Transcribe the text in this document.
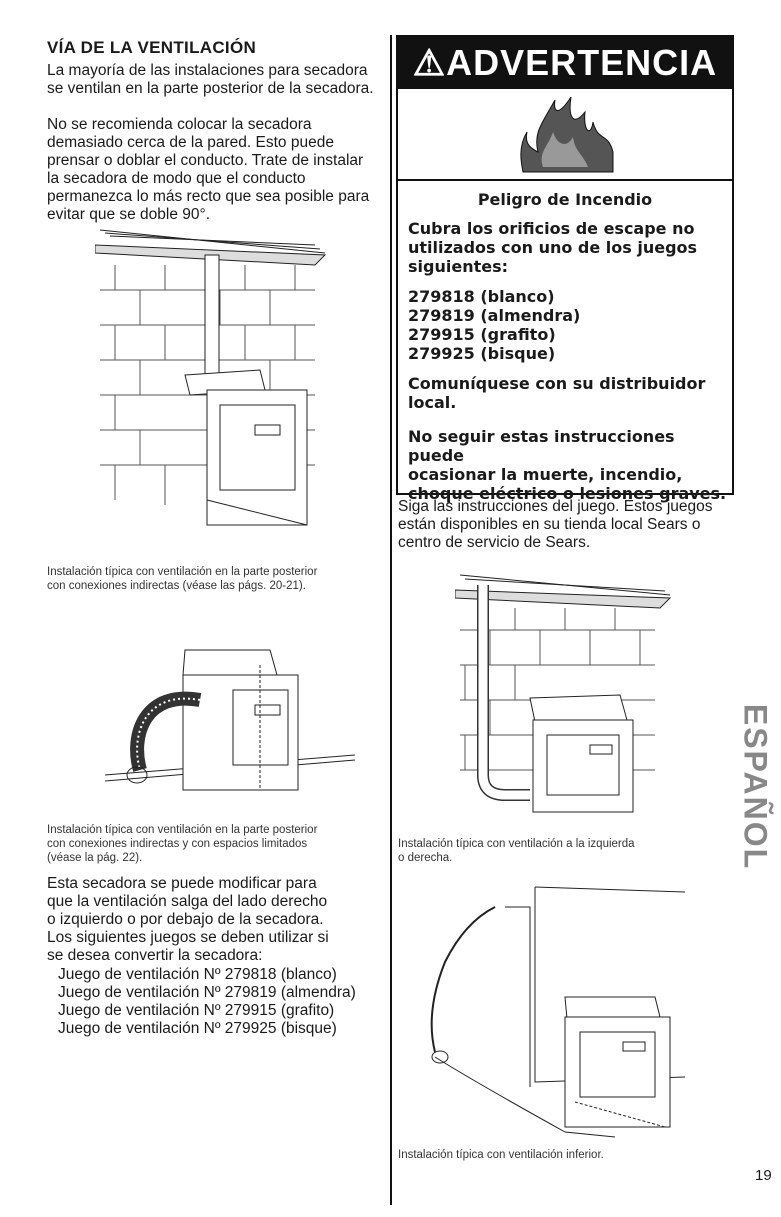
VÍA DE LA VENTILACIÓN
La mayoría de las instalaciones para secadora
se ventilan en la parte posterior de la secadora.
No se recomienda colocar la secadora
demasiado cerca de la pared. Esto puede
prensar o doblar el conducto. Trate de instalar
la secadora de modo que el conducto
permanezca lo más recto que sea posible para
evitar que se doble 90°.
Instalación típica con ventilación en la parte posterior
con conexiones indirectas (véase las págs. 20-21).
Instalación típica con ventilación en la parte posterior
con conexiones indirectas y con espacios limitados
(véase la pág. 22).
Esta secadora se puede modificar para
que la ventilación salga del lado derecho
o izquierdo o por debajo de la secadora.
Los siguientes juegos se deben utilizar si
se desea convertir la secadora:
Juego de ventilación Nº 279818 (blanco)
Juego de ventilación Nº 279819 (almendra)
Juego de ventilación Nº 279915 (grafito)
Juego de ventilación Nº 279925 (bisque)
⚠ADVERTENCIA
Peligro de Incendio
Cubra los orificios de escape no
utilizados con uno de los juegos
siguientes:
279818 (blanco)
279819 (almendra)
279915 (grafito)
279925 (bisque)
Comuníquese con su distribuidor
local.
No seguir estas instrucciones puede
ocasionar la muerte, incendio,
choque eléctrico o lesiones graves.
Siga las instrucciones del juego. Estos juegos
están disponibles en su tienda local Sears o
centro de servicio de Sears.
Instalación típica con ventilación a la izquierda
o derecha.
Instalación típica con ventilación inferior.
ESPAÑOL
19
